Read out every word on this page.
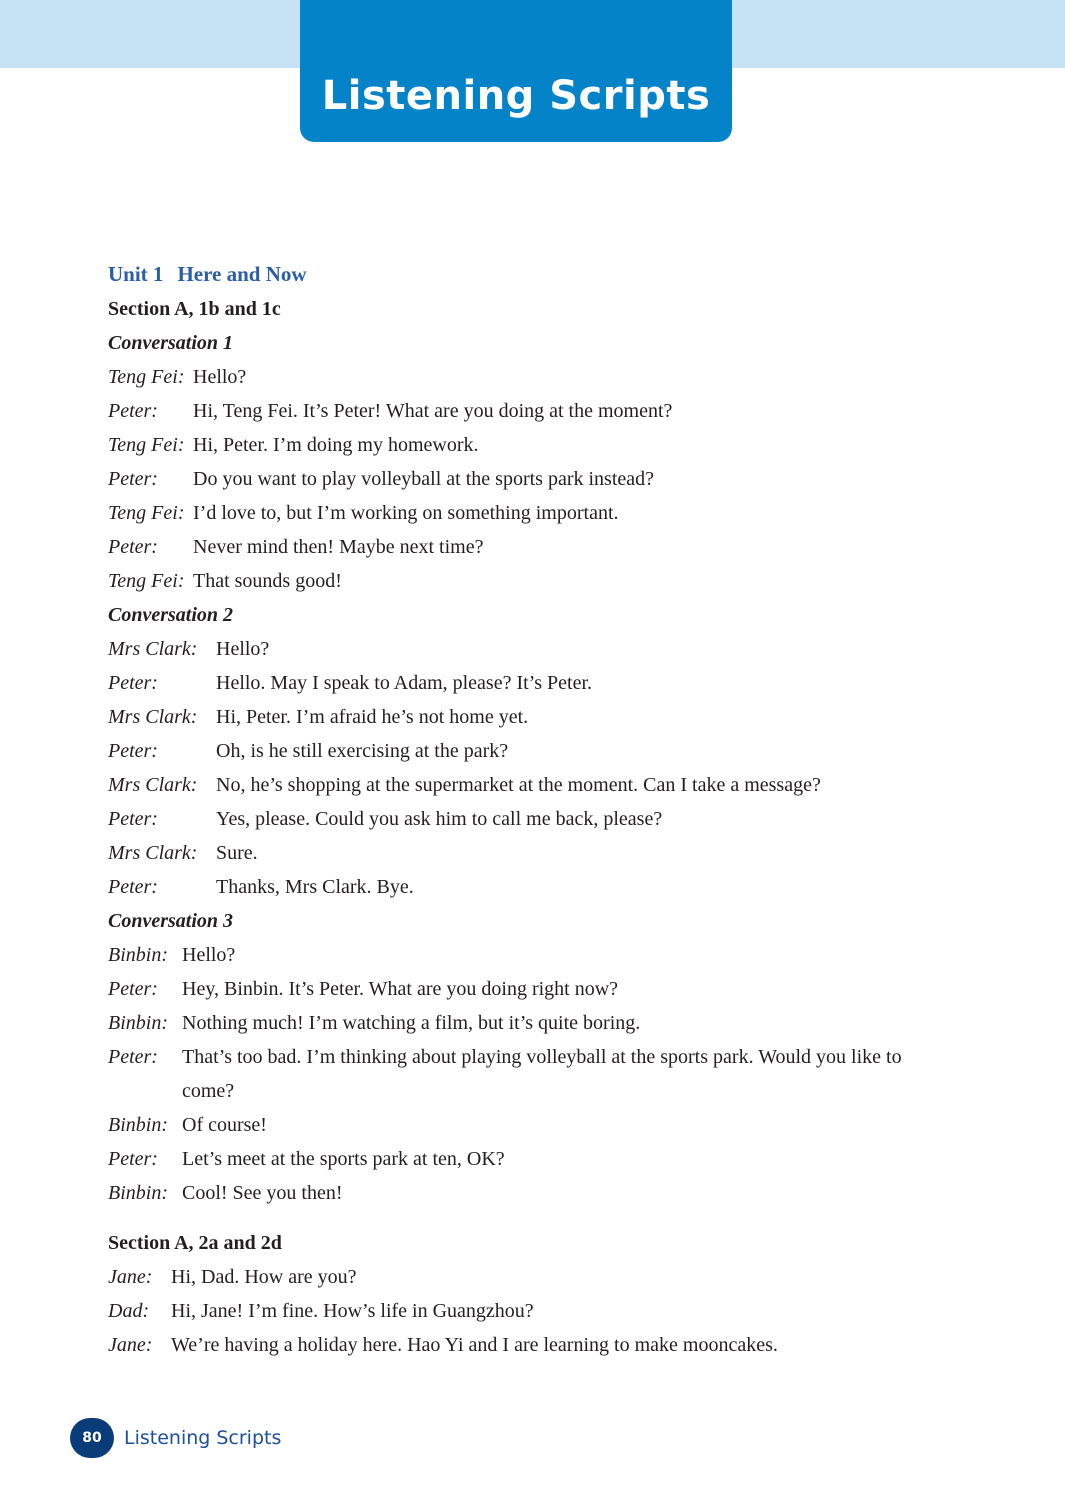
Listening Scripts
Unit 1 Here and Now
Section A, 1b and 1c
Conversation 1
Teng Fei: Hello?
Peter:	Hi, Teng Fei. It’s Peter! What are you doing at the moment?
Teng Fei: Hi, Peter. I’m doing my homework.
Peter:	Do you want to play volleyball at the sports park instead?
Teng Fei: I’d love to, but I’m working on something important.
Peter:	Never mind then! Maybe next time?
Teng Fei: That sounds good!
Conversation 2
Mrs Clark: Hello?
Peter:	Hello. May I speak to Adam, please? It’s Peter.
Mrs Clark: Hi, Peter. I’m afraid he’s not home yet.
Peter:	Oh, is he still exercising at the park?
Mrs Clark: No, he’s shopping at the supermarket at the moment. Can I take a message?
Peter:	Yes, please. Could you ask him to call me back, please?
Mrs Clark: Sure.
Peter:	Thanks, Mrs Clark. Bye.
Conversation 3
Binbin: Hello?
Peter:	Hey, Binbin. It’s Peter. What are you doing right now?
Binbin: Nothing much! I’m watching a film, but it’s quite boring.
Peter:	That’s too bad. I’m thinking about playing volleyball at the sports park. Would you like to come?
Binbin: Of course!
Peter:	Let’s meet at the sports park at ten, OK?
Binbin: Cool! See you then!
Section A, 2a and 2d
Jane: Hi, Dad. How are you?
Dad:	Hi, Jane! I’m fine. How’s life in Guangzhou?
Jane: We’re having a holiday here. Hao Yi and I are learning to make mooncakes.
80	Listening Scripts
